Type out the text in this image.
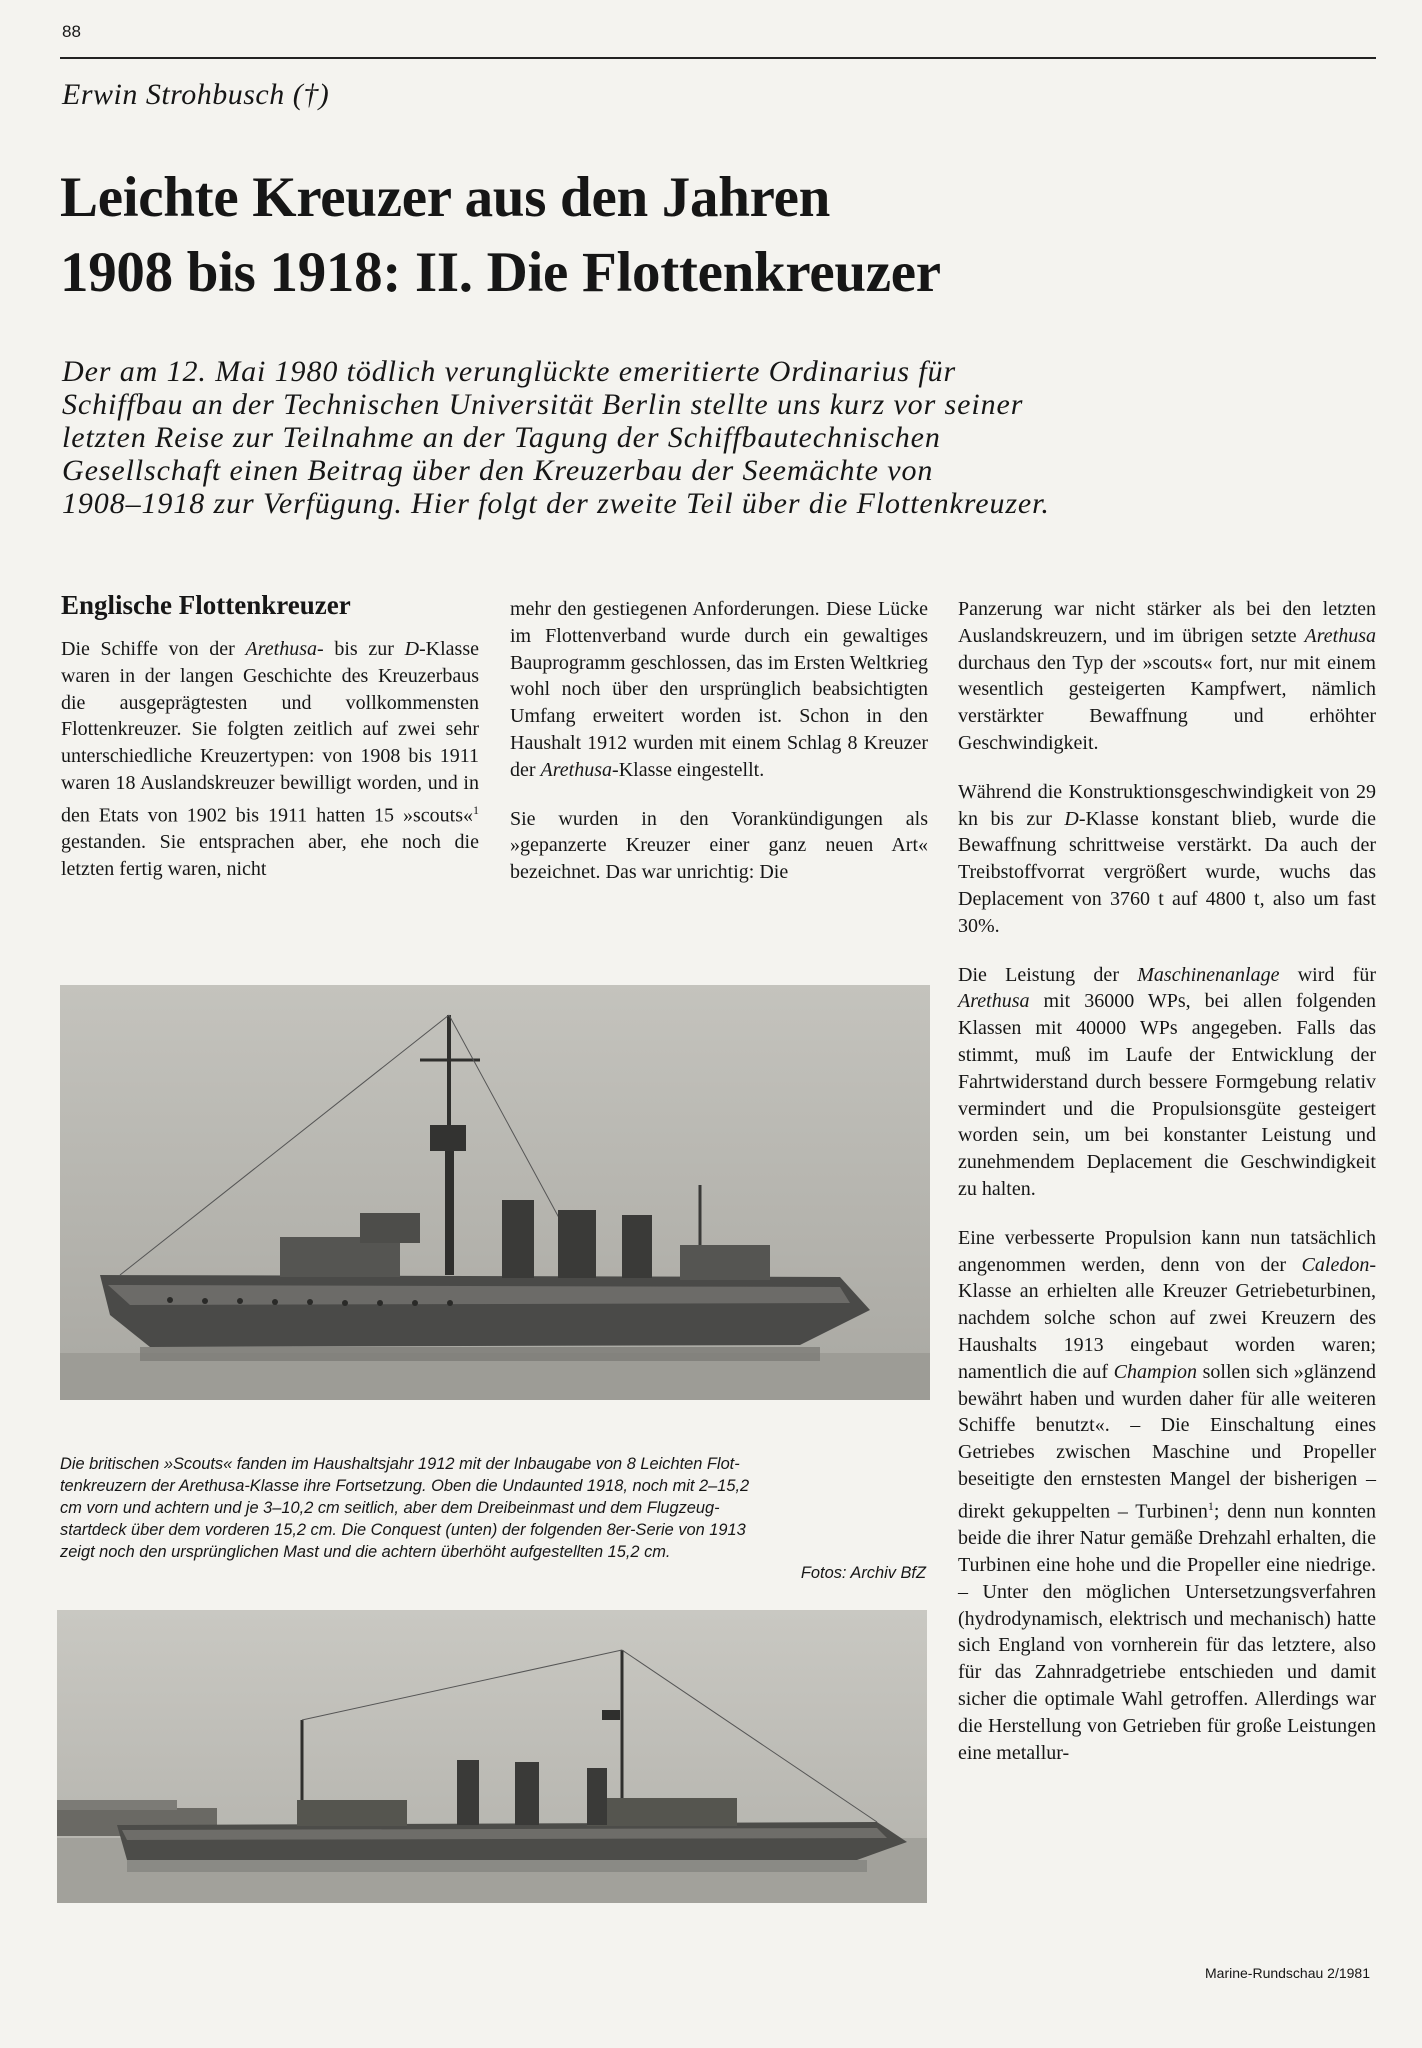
88
Erwin Strohbusch (†)
Leichte Kreuzer aus den Jahren
1908 bis 1918: II. Die Flottenkreuzer
Der am 12. Mai 1980 tödlich verunglückte emeritierte Ordinarius für
Schiffbau an der Technischen Universität Berlin stellte uns kurz vor seiner
letzten Reise zur Teilnahme an der Tagung der Schiffbautechnischen
Gesellschaft einen Beitrag über den Kreuzerbau der Seemächte von
1908–1918 zur Verfügung. Hier folgt der zweite Teil über die Flottenkreuzer.
Englische Flottenkreuzer

Die Schiffe von der Arethusa- bis zur D-Klasse waren in der langen Geschichte des Kreuzerbaus die ausgeprägtesten und vollkommensten Flottenkreuzer. Sie folgten zeitlich auf zwei sehr unterschiedliche Kreuzertypen: von 1908 bis 1911 waren 18 Auslandskreuzer bewilligt worden, und in den Etats von 1902 bis 1911 hatten 15 »scouts«$^1$ gestanden. Sie entsprachen aber, ehe noch die letzten fertig waren, nicht

mehr den gestiegenen Anforderungen. Diese Lücke im Flottenverband wurde durch ein gewaltiges Bauprogramm geschlossen, das im Ersten Weltkrieg wohl noch über den ursprünglich beabsichtigten Umfang erweitert worden ist. Schon in den Haushalt 1912 wurden mit einem Schlag 8 Kreuzer der Arethusa-Klasse eingestellt.

Sie wurden in den Vorankündigungen als »gepanzerte Kreuzer einer ganz neuen Art« bezeichnet. Das war unrichtig: Die

Panzerung war nicht stärker als bei den letzten Auslandskreuzern, und im übrigen setzte Arethusa durchaus den Typ der »scouts« fort, nur mit einem wesentlich gesteigerten Kampfwert, nämlich verstärkter Bewaffnung und erhöhter Geschwindigkeit.

Während die Konstruktionsgeschwindigkeit von 29 kn bis zur D-Klasse konstant blieb, wurde die Bewaffnung schrittweise verstärkt. Da auch der Treibstoffvorrat vergrößert wurde, wuchs das Deplacement von 3760 t auf 4800 t, also um fast 30%.

Die Leistung der Maschinenanlage wird für Arethusa mit 36000 WPs, bei allen folgenden Klassen mit 40000 WPs angegeben. Falls das stimmt, muß im Laufe der Entwicklung der Fahrtwiderstand durch bessere Formgebung relativ vermindert und die Propulsionsgüte gesteigert worden sein, um bei konstanter Leistung und zunehmendem Deplacement die Geschwindigkeit zu halten.

Eine verbesserte Propulsion kann nun tatsächlich angenommen werden, denn von der Caledon-Klasse an erhielten alle Kreuzer Getriebeturbinen, nachdem solche schon auf zwei Kreuzern des Haushalts 1913 eingebaut worden waren; namentlich die auf Champion sollen sich »glänzend bewährt haben und wurden daher für alle weiteren Schiffe benutzt«. – Die Einschaltung eines Getriebes zwischen Maschine und Propeller beseitigte den ernstesten Mangel der bisherigen – direkt gekuppelten – Turbinen$^1$; denn nun konnten beide die ihrer Natur gemäße Drehzahl erhalten, die Turbinen eine hohe und die Propeller eine niedrige. – Unter den möglichen Untersetzungsverfahren (hydrodynamisch, elektrisch und mechanisch) hatte sich England von vornherein für das letztere, also für das Zahnradgetriebe entschieden und damit sicher die optimale Wahl getroffen. Allerdings war die Herstellung von Getrieben für große Leistungen eine metallur-

Die britischen »Scouts« fanden im Haushaltsjahr 1912 mit der Inbaugabe von 8 Leichten Flot-
tenkreuzern der Arethusa-Klasse ihre Fortsetzung. Oben die Undaunted 1918, noch mit 2–15,2
cm vorn und achtern und je 3–10,2 cm seitlich, aber dem Dreibeinmast und dem Flugzeug-
startdeck über dem vorderen 15,2 cm. Die Conquest (unten) der folgenden 8er-Serie von 1913
zeigt noch den ursprünglichen Mast und die achtern überhöht aufgestellten 15,2 cm.
Fotos: Archiv BfZ
Marine-Rundschau 2/1981
